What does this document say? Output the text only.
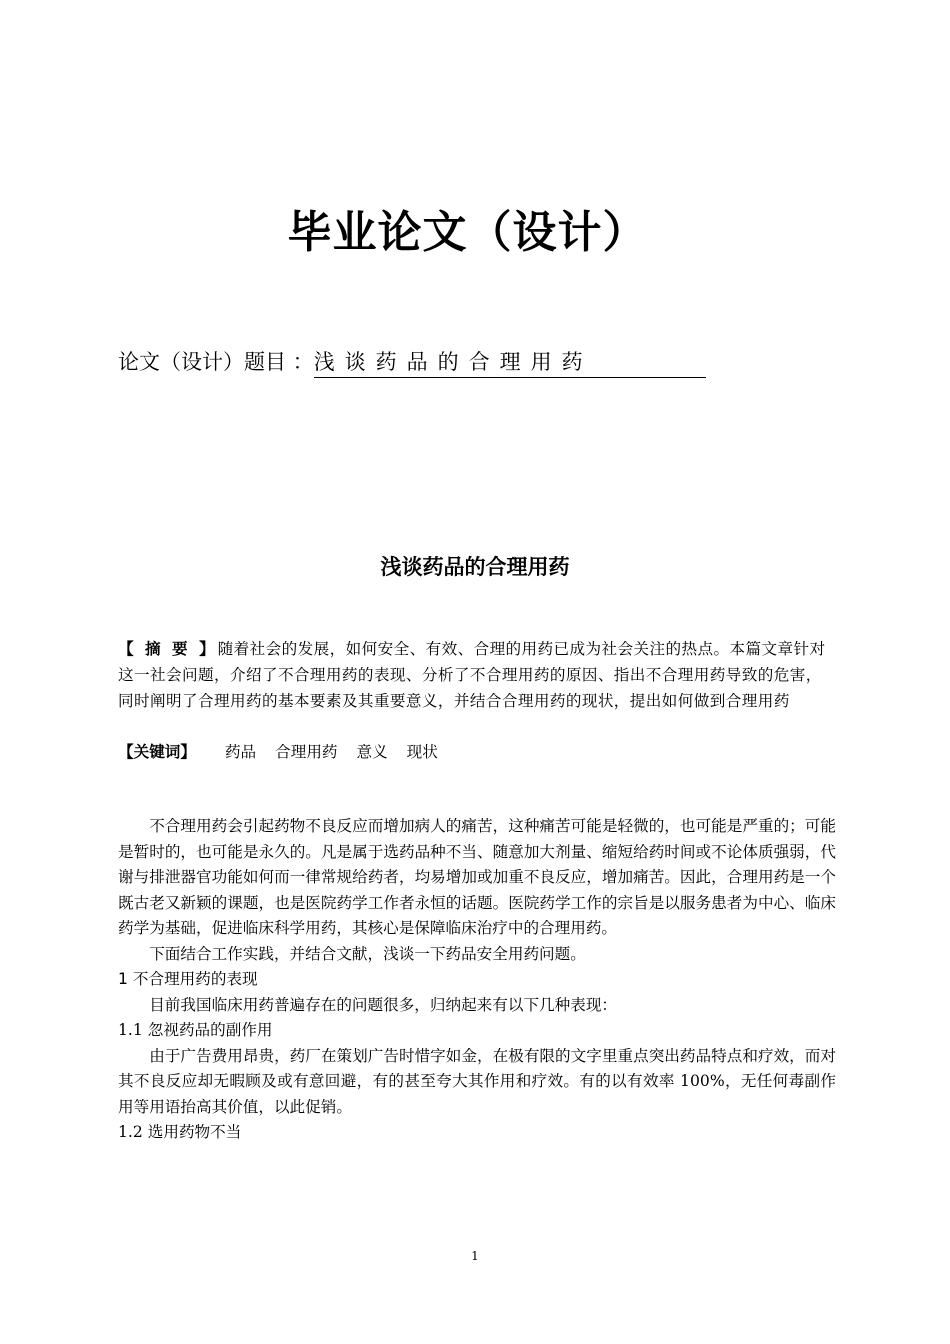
毕业论文（设计）
论文（设计）题目 ：浅谈药品的合理用药
浅谈药品的合理用药
【 摘 要 】随着社会的发展，如何安全、有效、合理的用药已成为社会关注的热点。本篇文章针对这一社会问题，介绍了不合理用药的表现、分析了不合理用药的原因、指出不合理用药导致的危害，同时阐明了合理用药的基本要素及其重要意义，并结合合理用药的现状，提出如何做到合理用药
【关键词】 药品 合理用药 意义 现状

不合理用药会引起药物不良反应而增加病人的痛苦，这种痛苦可能是轻微的，也可能是严重的；可能是暂时的，也可能是永久的。凡是属于选药品种不当、随意加大剂量、缩短给药时间或不论体质强弱，代谢与排泄器官功能如何而一律常规给药者，均易增加或加重不良反应，增加痛苦。因此，合理用药是一个既古老又新颖的课题，也是医院药学工作者永恒的话题。医院药学工作的宗旨是以服务患者为中心、临床药学为基础，促进临床科学用药，其核心是保障临床治疗中的合理用药。

下面结合工作实践，并结合文献，浅谈一下药品安全用药问题。

1 不合理用药的表现

目前我国临床用药普遍存在的问题很多，归纳起来有以下几种表现：

1.1 忽视药品的副作用

由于广告费用昂贵，药厂在策划广告时惜字如金，在极有限的文字里重点突出药品特点和疗效，而对其不良反应却无暇顾及或有意回避，有的甚至夸大其作用和疗效。有的以有效率 100%，无任何毒副作用等用语抬高其价值，以此促销。

1.2 选用药物不当
1
